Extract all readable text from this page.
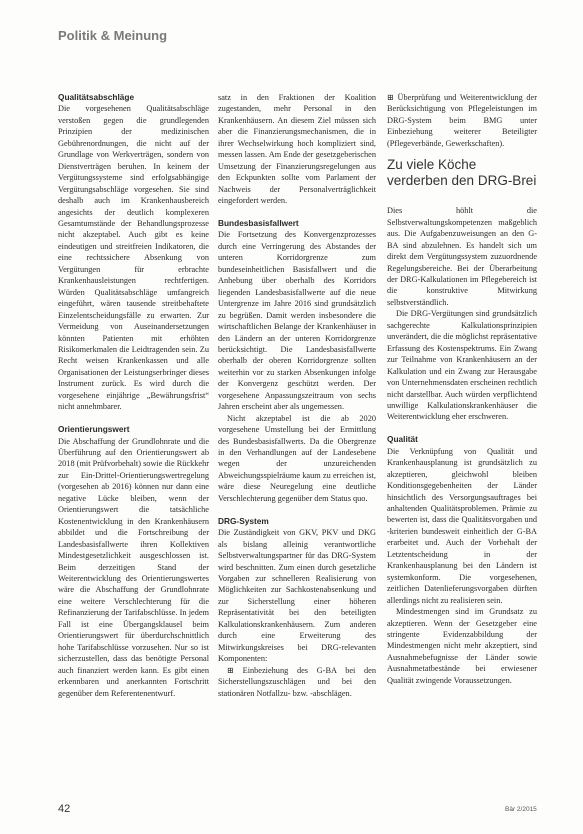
Politik & Meinung
Qualitätsabschläge

Die vorgesehenen Qualitätsabschläge verstoßen gegen die grundlegenden Prinzipien der medizinischen Gebührenordnungen, die nicht auf der Grundlage von Werkverträgen, sondern von Dienstverträgen beruhen. In keinem der Vergütungssysteme sind erfolgsabhängige Vergütungsabschläge vorgesehen. Sie sind deshalb auch im Krankenhausbereich angesichts der deutlich komplexeren Gesamtumstände der Behandlungsprozesse nicht akzeptabel. Auch gibt es keine eindeutigen und streitfreien Indikatoren, die eine rechtssichere Absenkung von Vergütungen für erbrachte Krankenhausleistungen rechtfertigen. Würden Qualitätsabschläge umfangreich eingeführt, wären tausende streitbehaftete Einzelentscheidungsfälle zu erwarten. Zur Vermeidung von Auseinandersetzungen könnten Patienten mit erhöhten Risikomerkmalen die Leidtragenden sein. Zu Recht weisen Krankenkassen und alle Organisationen der Leistungserbringer dieses Instrument zurück. Es wird durch die vorgesehene einjährige „Bewährungsfrist“ nicht annehmbarer.

Orientierungswert

Die Abschaffung der Grundlohnrate und die Überführung auf den Orientierungswert ab 2018 (mit Prüfvorbehalt) sowie die Rückkehr zur Ein-Drittel-Orientierungswertregelung (vorgesehen ab 2016) können nur dann eine negative Lücke bleiben, wenn der Orientierungswert die tatsächliche Kostenentwicklung in den Krankenhäusern abbildet und die Fortschreibung der Landesbasisfallwerte ihren Kollektiven Mindestgesetzlichkeit ausgeschlossen ist. Beim derzeitigen Stand der Weiterentwicklung des Orientierungswertes wäre die Abschaffung der Grundlohnrate eine weitere Verschlechterung für die Refinanzierung der Tarifabschlüsse. In jedem Fall ist eine Übergangsklausel beim Orientierungswert für überdurchschnittlich hohe Tarifabschlüsse vorzusehen. Nur so ist sicherzustellen, dass das benötigte Personal auch finanziert werden kann. Es gibt einen erkennbaren und anerkannten Fortschritt gegenüber dem Referentenentwurf.

satz in den Fraktionen der Koalition zugestanden, mehr Personal in den Krankenhäusern. An diesem Ziel müssen sich aber die Finanzierungsmechanismen, die in ihrer Wechselwirkung hoch kompliziert sind, messen lassen. Am Ende der gesetzgeberischen Umsetzung der Finanzierungsregelungen aus den Eckpunkten sollte vom Parlament der Nachweis der Personalverträglichkeit eingefordert werden.

Bundesbasisfallwert

Die Fortsetzung des Konvergenzprozesses durch eine Verringerung des Abstandes der unteren Korridorgrenze zum bundeseinheitlichen Basisfallwert und die Anhebung über oberhalb des Korridors liegenden Landesbasisfallwerte auf die neue Untergrenze im Jahre 2016 sind grundsätzlich zu begrüßen. Damit werden insbesondere die wirtschaftlichen Belange der Krankenhäuser in den Ländern an der unteren Korridorgrenze berücksichtigt. Die Landesbasisfallwerte oberhalb der oberen Korridorgrenze sollten weiterhin vor zu starken Absenkungen infolge der Konvergenz geschützt werden. Der vorgesehene Anpassungszeitraum von sechs Jahren erscheint aber als ungemessen.

Nicht akzeptabel ist die ab 2020 vorgesehene Umstellung bei der Ermittlung des Bundesbasisfallwerts. Da die Obergrenze in den Verhandlungen auf der Landesebene wegen der unzureichenden Abweichungsspielräume kaum zu erreichen ist, wäre diese Neuregelung eine deutliche Verschlechterung gegenüber dem Status quo.

DRG-System

Die Zuständigkeit von GKV, PKV und DKG als bislang alleinig verantwortliche Selbstverwaltungspartner für das DRG-System wird beschnitten. Zum einen durch gesetzliche Vorgaben zur schnelleren Realisierung von Möglichkeiten zur Sachkostenabsenkung und zur Sicherstellung einer höheren Repräsentativität bei den beteiligten Kalkulationskrankenhäusern. Zum anderen durch eine Erweiterung des Mitwirkungskreises bei DRG-relevanten Komponenten:

⊞ Einbeziehung des G-BA bei den Sicherstellungszuschlägen und bei den stationären Notfallzu- bzw. -abschlägen.

⊞ Überprüfung und Weiterentwicklung der Berücksichtigung von Pflegeleistungen im DRG-System beim BMG unter Einbeziehung weiterer Beteiligter (Pflegeverbände, Gewerkschaften).

Zu viele Köche verderben den DRG-Brei

Dies höhlt die Selbstverwaltungskompetenzen maßgeblich aus. Die Aufgabenzuweisungen an den G-BA sind abzulehnen. Es handelt sich um direkt dem Vergütungssystem zuzuordnende Regelungsbereiche. Bei der Überarbeitung der DRG-Kalkulationen im Pflegebereich ist die konstruktive Mitwirkung selbstverständlich.

Die DRG-Vergütungen sind grundsätzlich sachgerechte Kalkulationsprinzipien unverändert, die die möglichst repräsentative Erfassung des Kostenspektrums. Ein Zwang zur Teilnahme von Krankenhäusern an der Kalkulation und ein Zwang zur Herausgabe von Unternehmensdaten erscheinen rechtlich nicht darstellbar. Auch würden verpflichtend unwillige Kalkulationskrankenhäuser die Weiterentwicklung eher erschweren.

Qualität

Die Verknüpfung von Qualität und Krankenhausplanung ist grundsätzlich zu akzeptieren, gleichwohl bleiben Konditionsgegebenheiten der Länder hinsichtlich des Versorgungsauftrages bei anhaltenden Qualitätsproblemen. Prämie zu bewerten ist, dass die Qualitätsvorgaben und -kriterien bundesweit einheitlich der G-BA erarbeitet und. Auch der Vorbehalt der Letztentscheidung in der Krankenhausplanung bei den Ländern ist systemkonform. Die vorgesehenen, zeitlichen Datenlieferungsvorgaben dürften allerdings nicht zu realisieren sein.

Mindestmengen sind im Grundsatz zu akzeptieren. Wenn der Gesetzgeber eine stringente Evidenzabbildung der Mindestmengen nicht mehr akzeptiert, sind Ausnahmebefugnisse der Länder sowie Ausnahmetatbestände bei erwiesener Qualität zwingende Voraussetzungen.

42	Bär 2/2015
